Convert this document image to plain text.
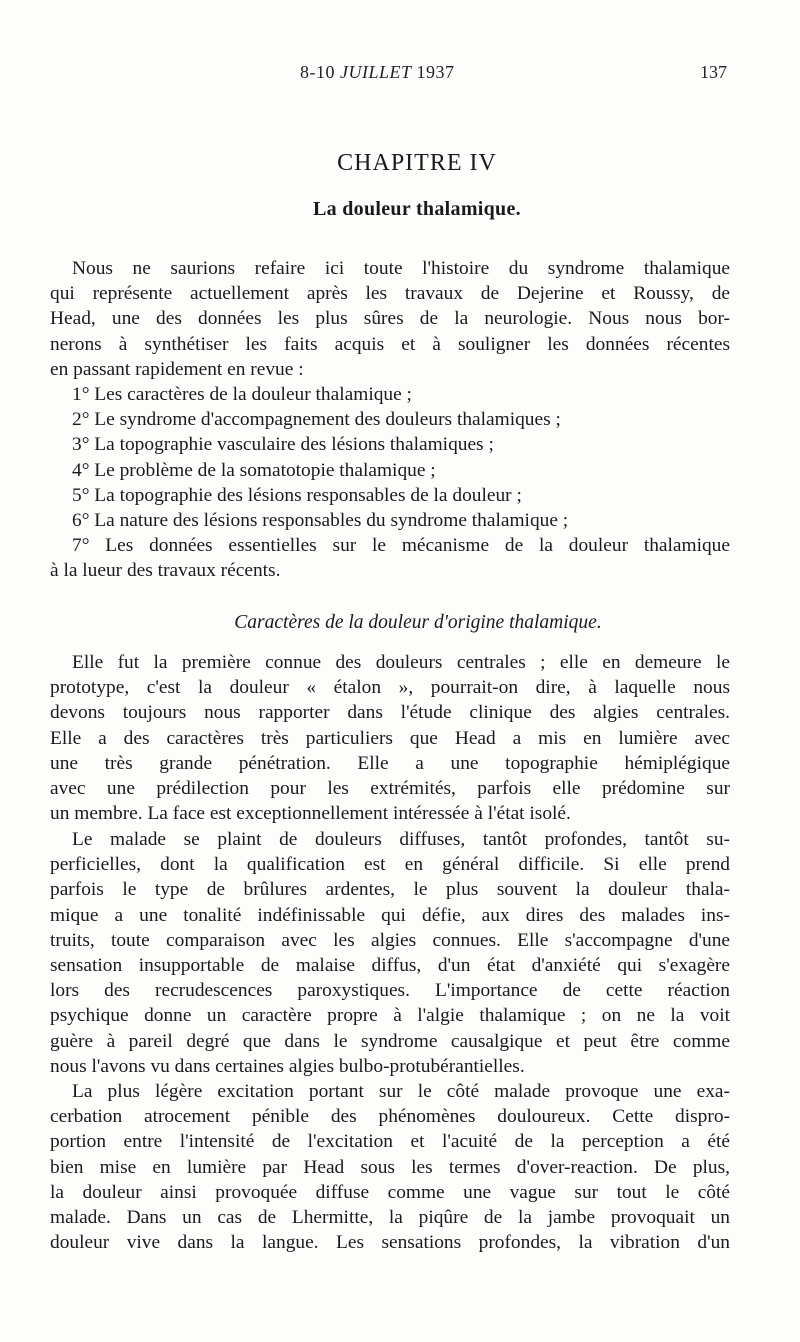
8-10 JUILLET 1937	137
CHAPITRE IV
La douleur thalamique.
Nous ne saurions refaire ici toute l'histoire du syndrome thalamique
qui représente actuellement après les travaux de Dejerine et Roussy, de
Head, une des données les plus sûres de la neurologie. Nous nous bor-
nerons à synthétiser les faits acquis et à souligner les données récentes
en passant rapidement en revue :
1° Les caractères de la douleur thalamique ;
2° Le syndrome d'accompagnement des douleurs thalamiques ;
3° La topographie vasculaire des lésions thalamiques ;
4° Le problème de la somatotopie thalamique ;
5° La topographie des lésions responsables de la douleur ;
6° La nature des lésions responsables du syndrome thalamique ;
7° Les données essentielles sur le mécanisme de la douleur thalamique
à la lueur des travaux récents.
Caractères de la douleur d'origine thalamique.
Elle fut la première connue des douleurs centrales ; elle en demeure le
prototype, c'est la douleur « étalon », pourrait-on dire, à laquelle nous
devons toujours nous rapporter dans l'étude clinique des algies centrales.
Elle a des caractères très particuliers que Head a mis en lumière avec
une très grande pénétration. Elle a une topographie hémiplégique
avec une prédilection pour les extrémités, parfois elle prédomine sur
un membre. La face est exceptionnellement intéressée à l'état isolé.
Le malade se plaint de douleurs diffuses, tantôt profondes, tantôt su-
perficielles, dont la qualification est en général difficile. Si elle prend
parfois le type de brûlures ardentes, le plus souvent la douleur thala-
mique a une tonalité indéfinissable qui défie, aux dires des malades ins-
truits, toute comparaison avec les algies connues. Elle s'accompagne d'une
sensation insupportable de malaise diffus, d'un état d'anxiété qui s'exagère
lors des recrudescences paroxystiques. L'importance de cette réaction
psychique donne un caractère propre à l'algie thalamique ; on ne la voit
guère à pareil degré que dans le syndrome causalgique et peut être comme
nous l'avons vu dans certaines algies bulbo-protubérantielles.
La plus légère excitation portant sur le côté malade provoque une exa-
cerbation atrocement pénible des phénomènes douloureux. Cette dispro-
portion entre l'intensité de l'excitation et l'acuité de la perception a été
bien mise en lumière par Head sous les termes d'over-reaction. De plus,
la douleur ainsi provoquée diffuse comme une vague sur tout le côté
malade. Dans un cas de Lhermitte, la piqûre de la jambe provoquait un
douleur vive dans la langue. Les sensations profondes, la vibration d'un
